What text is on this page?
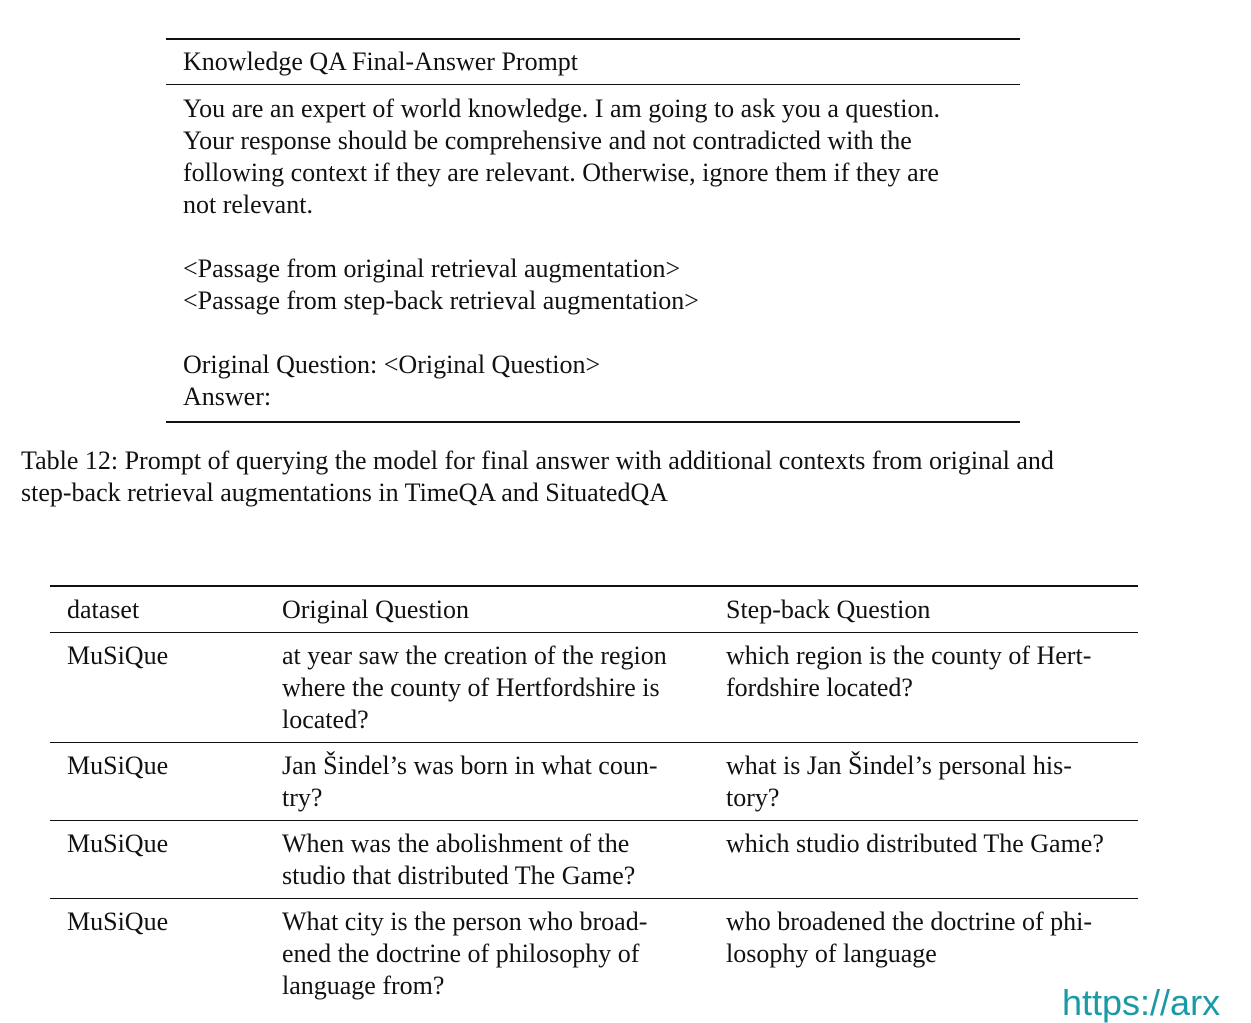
Knowledge QA Final-Answer Prompt

You are an expert of world knowledge. I am going to ask you a question.
Your response should be comprehensive and not contradicted with the
following context if they are relevant. Otherwise, ignore them if they are
not relevant.

<Passage from original retrieval augmentation>
<Passage from step-back retrieval augmentation>

Original Question: <Original Question>
Answer:

Table 12: Prompt of querying the model for final answer with additional contexts from original and
step-back retrieval augmentations in TimeQA and SituatedQA

dataset	Original Question	Step-back Question
MuSiQue	at year saw the creation of the region
where the county of Hertfordshire is
located?	which region is the county of Hert-
fordshire located?

MuSiQue	Jan Šindel’s was born in what coun-
try?	what is Jan Šindel’s personal his-
tory?

MuSiQue	When was the abolishment of the
studio that distributed The Game?	which studio distributed The Game?

MuSiQue	What city is the person who broad-
ened the doctrine of philosophy of
language from?	who broadened the doctrine of phi-
losophy of language
https://arx
